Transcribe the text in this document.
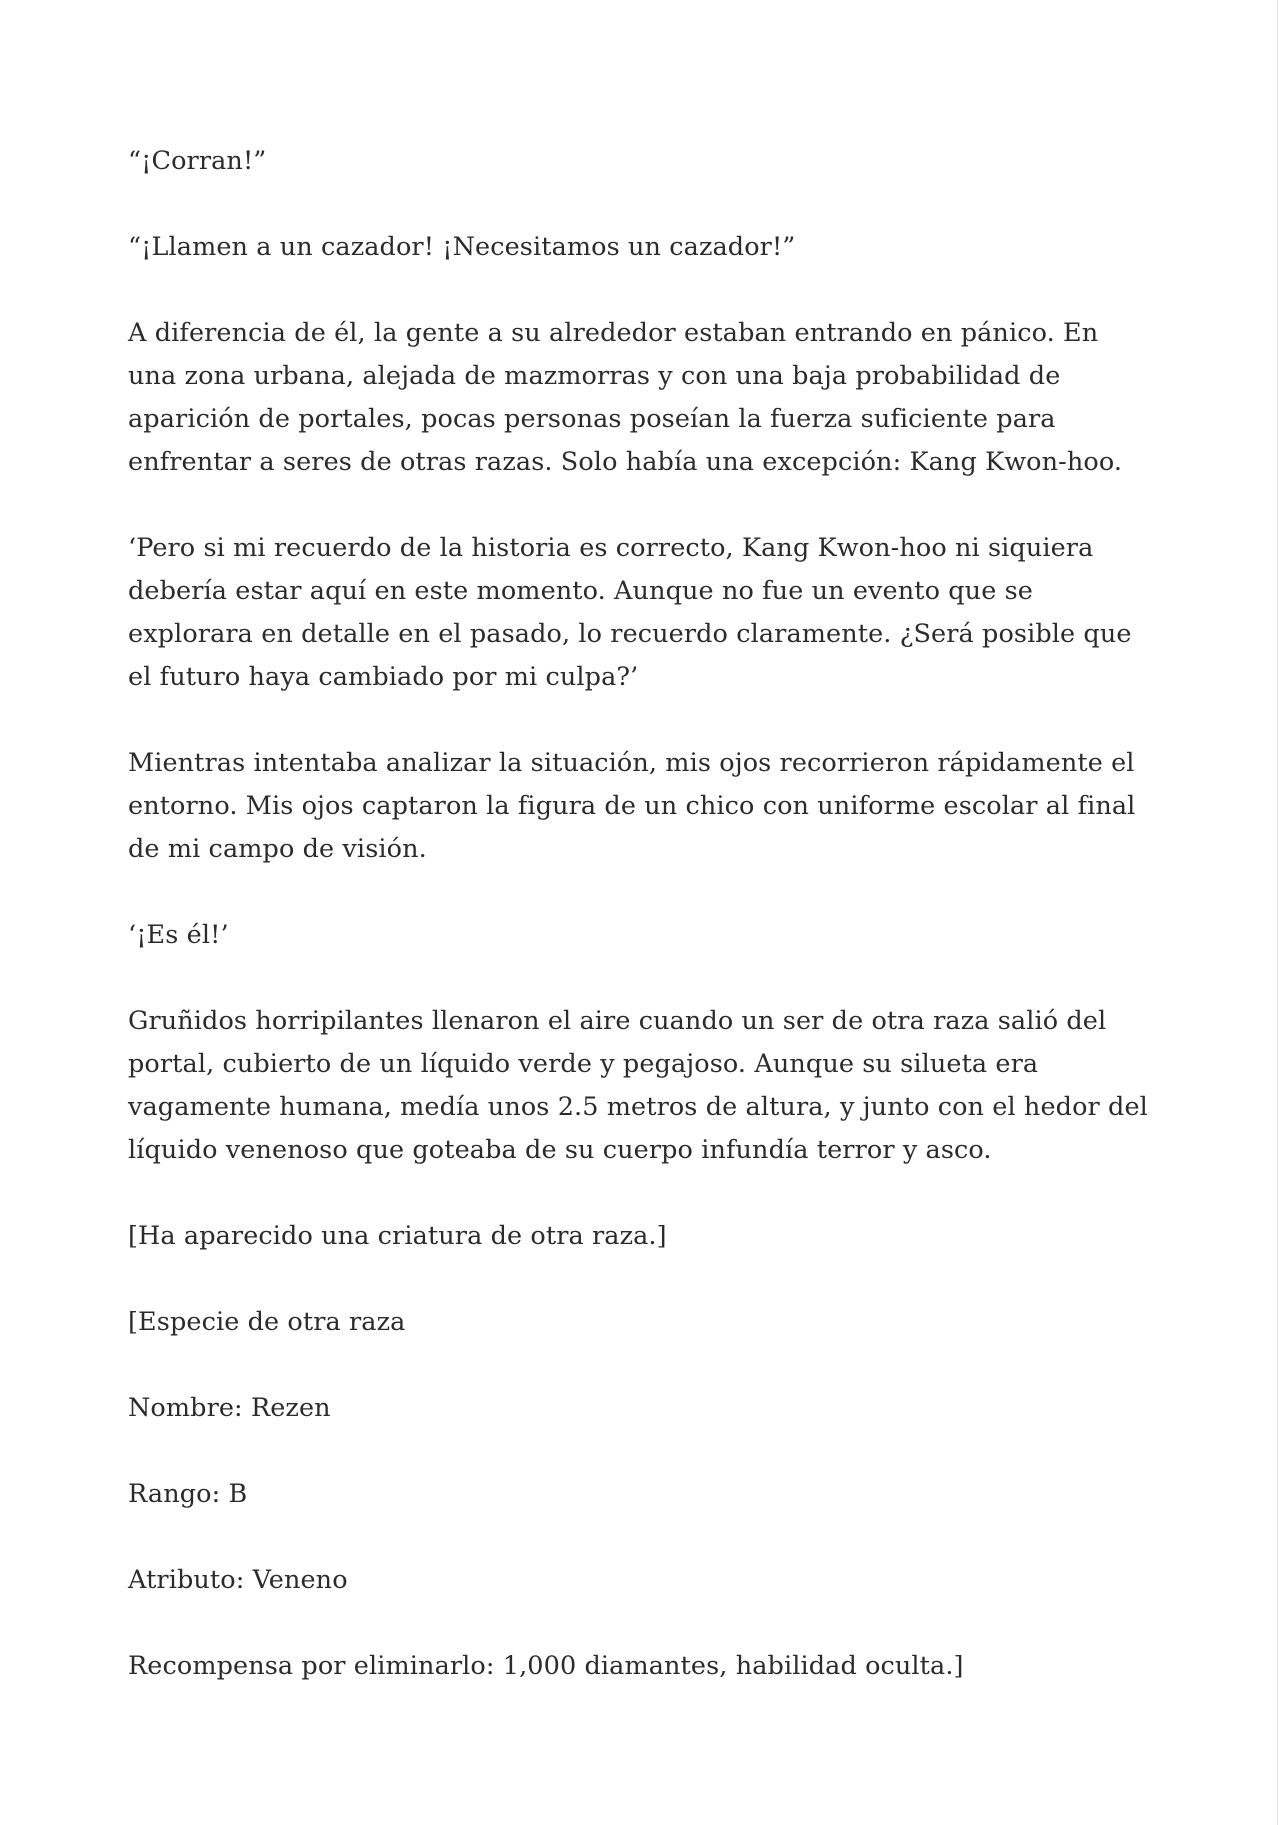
“¡Corran!”

“¡Llamen a un cazador! ¡Necesitamos un cazador!”

A diferencia de él, la gente a su alrededor estaban entrando en pánico. En una zona urbana, alejada de mazmorras y con una baja probabilidad de aparición de portales, pocas personas poseían la fuerza suficiente para enfrentar a seres de otras razas. Solo había una excepción: Kang Kwon-hoo.

‘Pero si mi recuerdo de la historia es correcto, Kang Kwon-hoo ni siquiera debería estar aquí en este momento. Aunque no fue un evento que se explorara en detalle en el pasado, lo recuerdo claramente. ¿Será posible que el futuro haya cambiado por mi culpa?’

Mientras intentaba analizar la situación, mis ojos recorrieron rápidamente el entorno. Mis ojos captaron la figura de un chico con uniforme escolar al final de mi campo de visión.

‘¡Es él!’

Gruñidos horripilantes llenaron el aire cuando un ser de otra raza salió del portal, cubierto de un líquido verde y pegajoso. Aunque su silueta era vagamente humana, medía unos 2.5 metros de altura, y junto con el hedor del líquido venenoso que goteaba de su cuerpo infundía terror y asco.

[Ha aparecido una criatura de otra raza.]

[Especie de otra raza

Nombre: Rezen

Rango: B

Atributo: Veneno

Recompensa por eliminarlo: 1,000 diamantes, habilidad oculta.]
